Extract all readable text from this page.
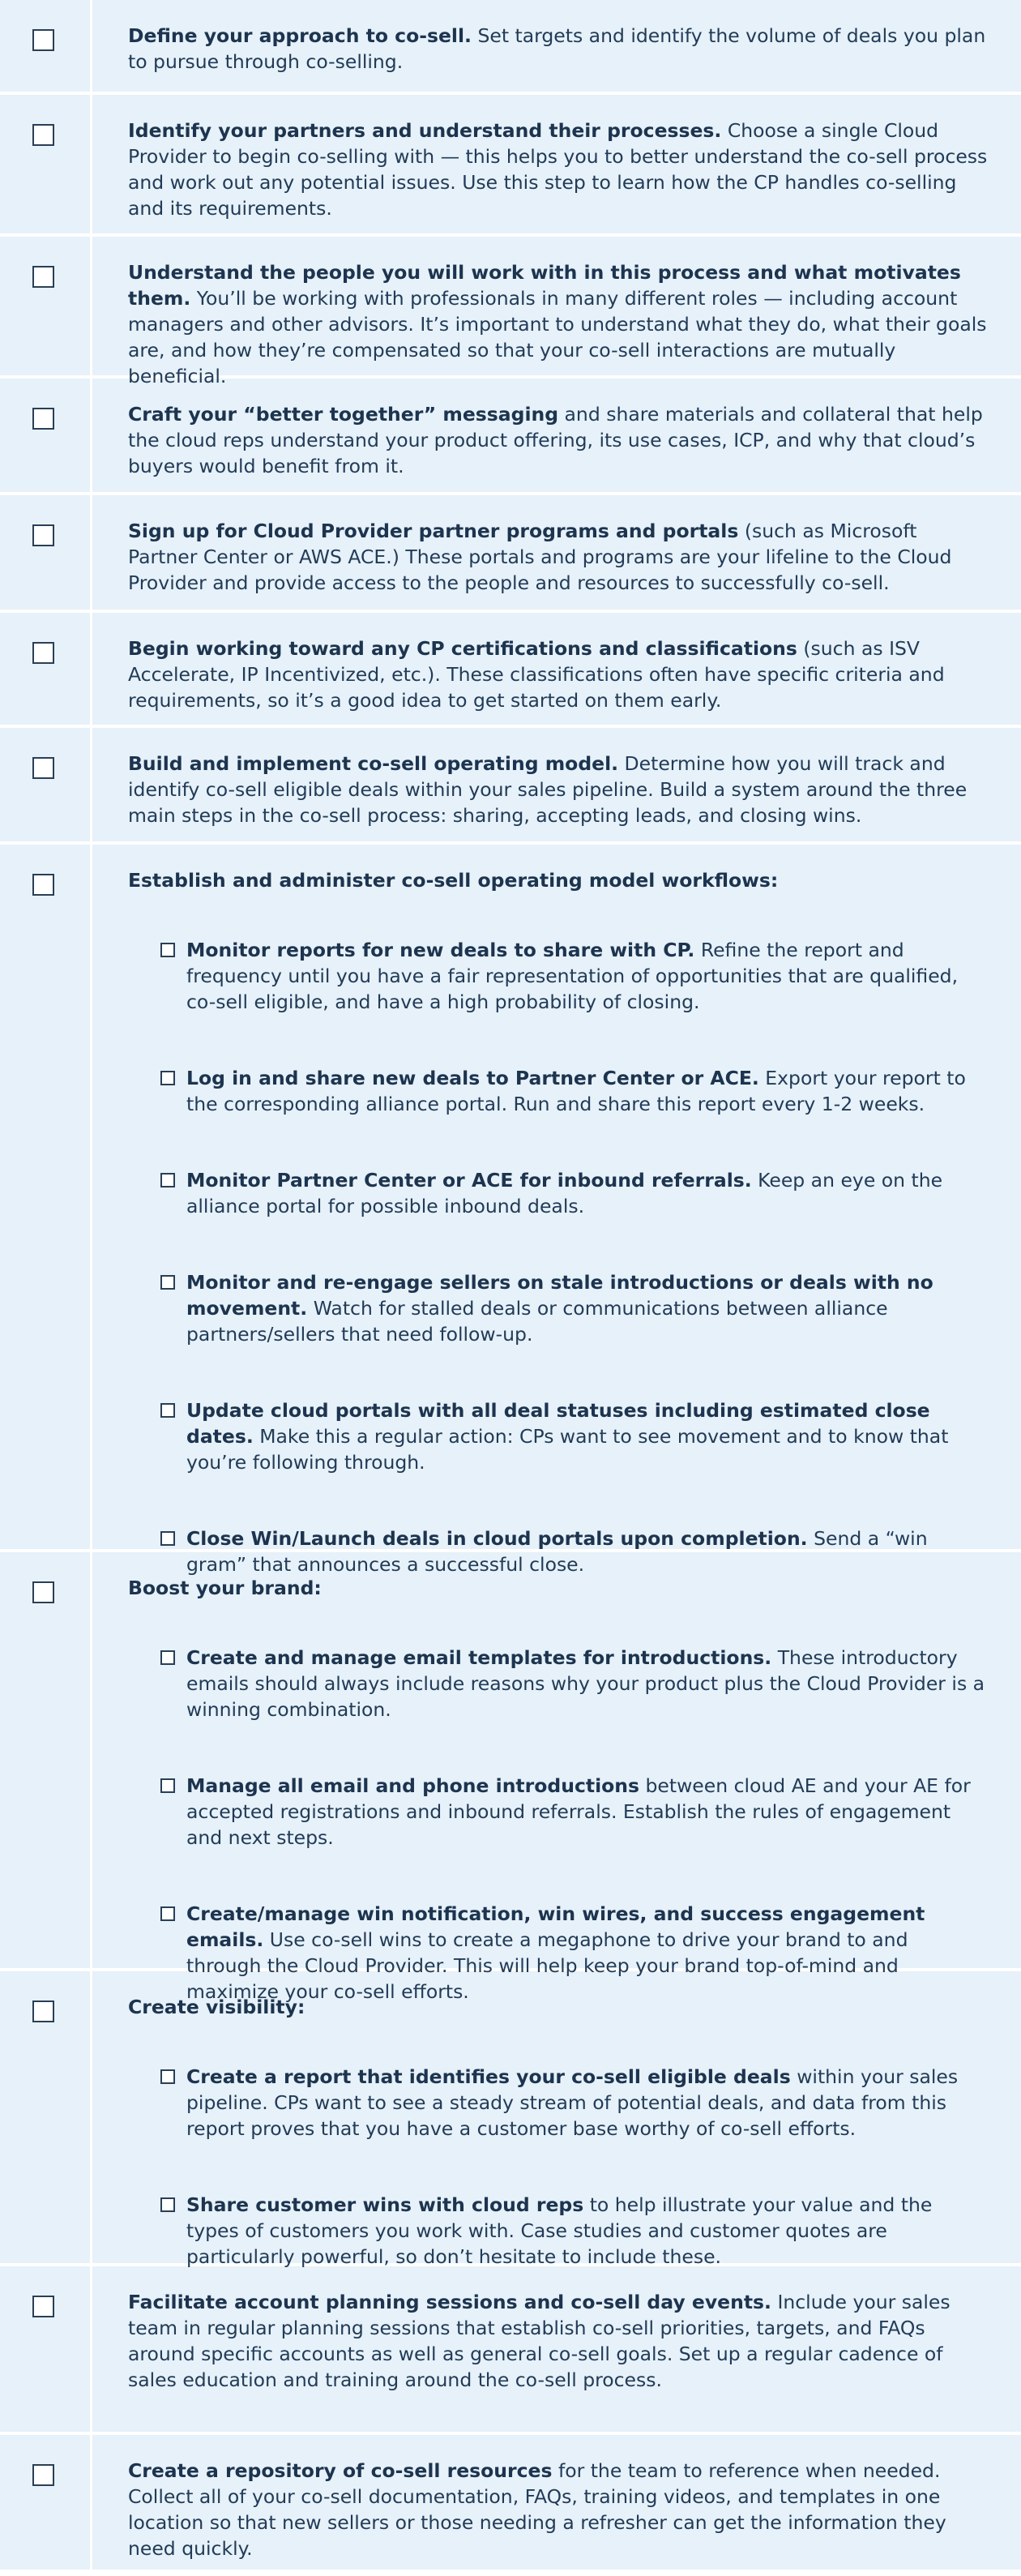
Define your approach to co-sell. Set targets and identify the volume of deals you plan to pursue through co-selling.
Identify your partners and understand their processes. Choose a single Cloud Provider to begin co-selling with — this helps you to better understand the co-sell process and work out any potential issues. Use this step to learn how the CP handles co-selling and its requirements.
Understand the people you will work with in this process and what motivates them. You’ll be working with professionals in many different roles — including account managers and other advisors. It’s important to understand what they do, what their goals are, and how they’re compensated so that your co-sell interactions are mutually beneficial.
Craft your “better together” messaging and share materials and collateral that help the cloud reps understand your product offering, its use cases, ICP, and why that cloud’s buyers would benefit from it.
Sign up for Cloud Provider partner programs and portals (such as Microsoft Partner Center or AWS ACE.) These portals and programs are your lifeline to the Cloud Provider and provide access to the people and resources to successfully co-sell.
Begin working toward any CP certifications and classifications (such as ISV Accelerate, IP Incentivized, etc.). These classifications often have specific criteria and requirements, so it’s a good idea to get started on them early.
Build and implement co-sell operating model. Determine how you will track and identify co-sell eligible deals within your sales pipeline. Build a system around the three main steps in the co-sell process: sharing, accepting leads, and closing wins.
Establish and administer co-sell operating model workflows:
Monitor reports for new deals to share with CP. Refine the report and frequency until you have a fair representation of opportunities that are qualified, co-sell eligible, and have a high probability of closing.
Log in and share new deals to Partner Center or ACE. Export your report to the corresponding alliance portal. Run and share this report every 1-2 weeks.
Monitor Partner Center or ACE for inbound referrals. Keep an eye on the alliance portal for possible inbound deals.
Monitor and re-engage sellers on stale introductions or deals with no movement. Watch for stalled deals or communications between alliance partners/sellers that need follow-up.
Update cloud portals with all deal statuses including estimated close dates. Make this a regular action: CPs want to see movement and to know that you’re following through.
Close Win/Launch deals in cloud portals upon completion. Send a “win gram” that announces a successful close.
Boost your brand:
Create and manage email templates for introductions. These introductory emails should always include reasons why your product plus the Cloud Provider is a winning combination.
Manage all email and phone introductions between cloud AE and your AE for accepted registrations and inbound referrals. Establish the rules of engagement and next steps.
Create/manage win notification, win wires, and success engagement emails. Use co-sell wins to create a megaphone to drive your brand to and through the Cloud Provider. This will help keep your brand top-of-mind and maximize your co-sell efforts.
Create visibility:
Create a report that identifies your co-sell eligible deals within your sales pipeline. CPs want to see a steady stream of potential deals, and data from this report proves that you have a customer base worthy of co-sell efforts.
Share customer wins with cloud reps to help illustrate your value and the types of customers you work with. Case studies and customer quotes are particularly powerful, so don’t hesitate to include these.
Facilitate account planning sessions and co-sell day events. Include your sales team in regular planning sessions that establish co-sell priorities, targets, and FAQs around specific accounts as well as general co-sell goals. Set up a regular cadence of sales education and training around the co-sell process.
Create a repository of co-sell resources for the team to reference when needed. Collect all of your co-sell documentation, FAQs, training videos, and templates in one location so that new sellers or those needing a refresher can get the information they need quickly.
